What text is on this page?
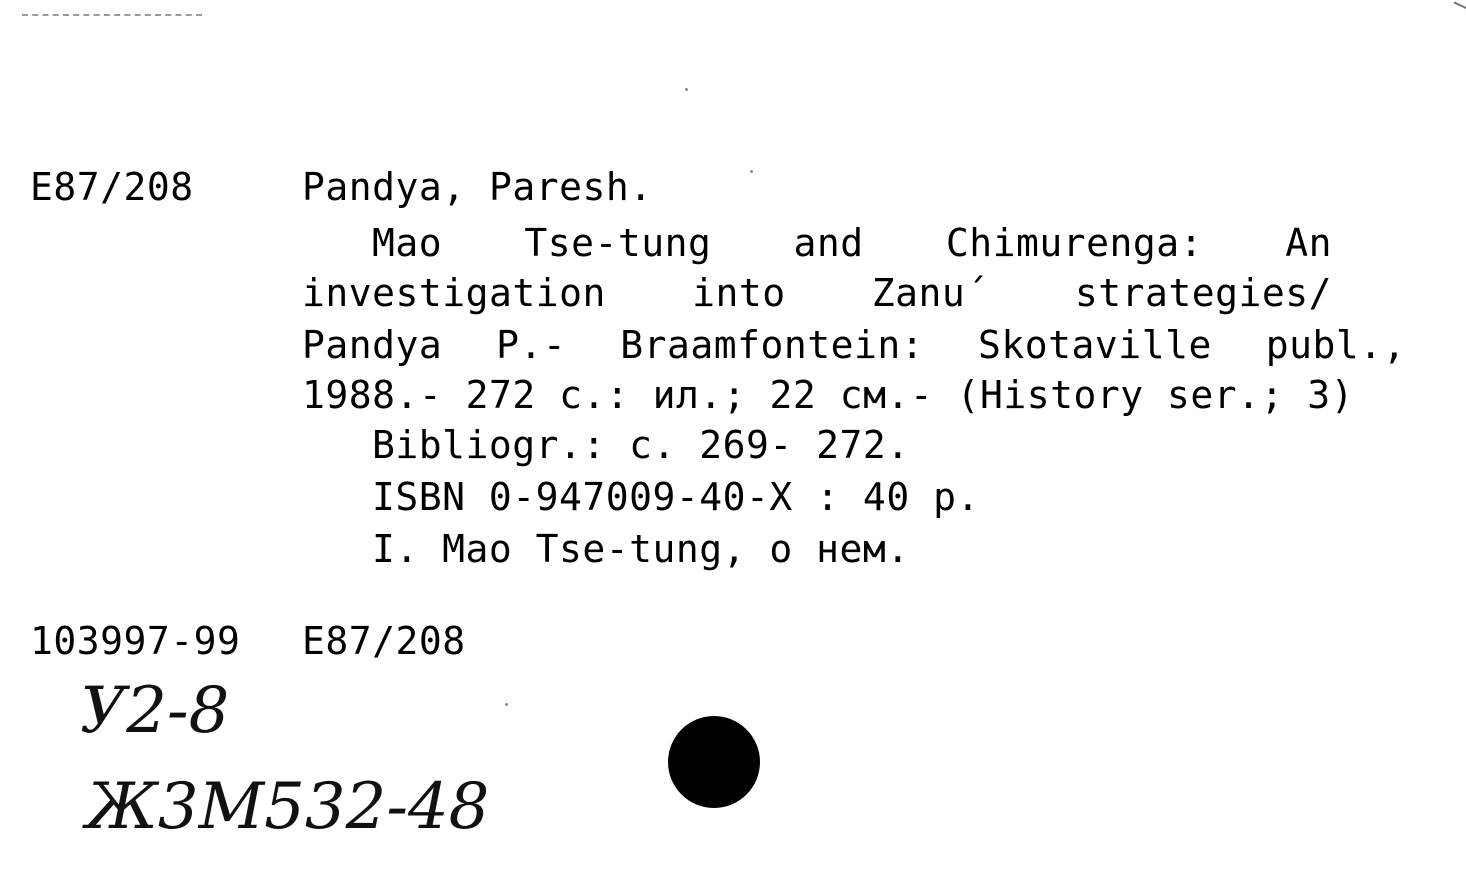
E87/208	Pandya, Paresh.
Mao Tse-tung and Chimurenga: An
investigation into Zanu´ strategies/
Pandya P.- Braamfontein: Skotaville publ.,
1988.- 272 с.: ил.; 22 см.- (History ser.; 3)
Bibliogr.: с. 269- 272.
ISBN 0-947009-40-X : 40 р.
I. Mao Tse-tung, о нем.
103997-99 E87/208
У2-8
Ж3М532-48
